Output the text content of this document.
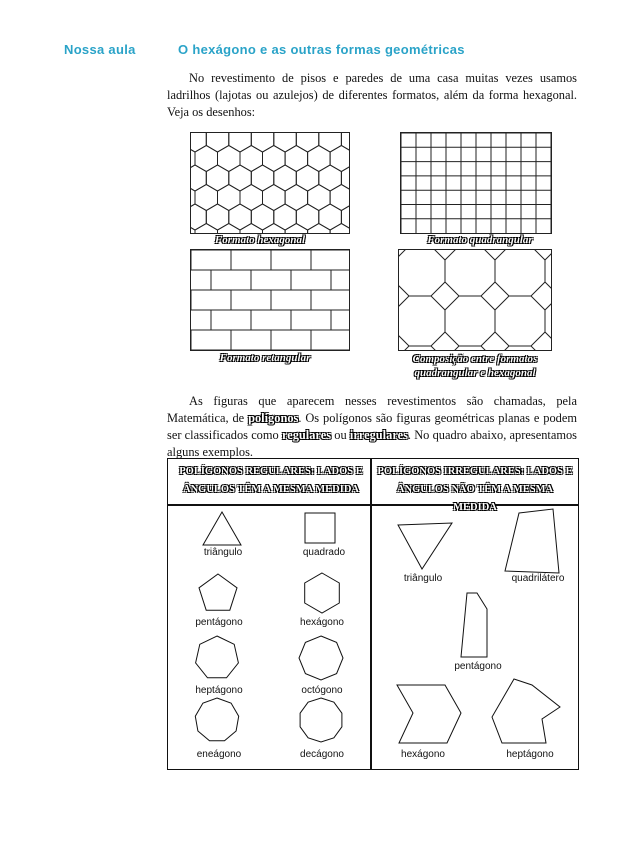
Nossa aula	O hexágono e as outras formas geométricas

No revestimento de pisos e paredes de uma casa muitas vezes usamos ladrilhos (lajotas ou azulejos) de diferentes formatos, além da forma hexagonal. Veja os desenhos:

Formato hexagonal	Formato quadrangular
Formato retangular	Composição entre formatos
quadrangular e hexagonal

As figuras que aparecem nesses revestimentos são chamadas, pela Matemática, de polígonos. Os polígonos são figuras geométricas planas e podem ser classificados como regulares ou irregulares. No quadro abaixo, apresentamos alguns exemplos.

POLÍGONOS REGULARES: LADOS E
ÂNGULOS TÊM A MESMA MEDIDA
POLÍGONOS IRREGULARES: LADOS E
ÂNGULOS NÃO TÊM A MESMA MEDIDA
triângulo	quadrado
pentágono	hexágono
heptágono	octógono
eneágono	decágono
triângulo	quadrilátero
pentágono
hexágono	heptágono
